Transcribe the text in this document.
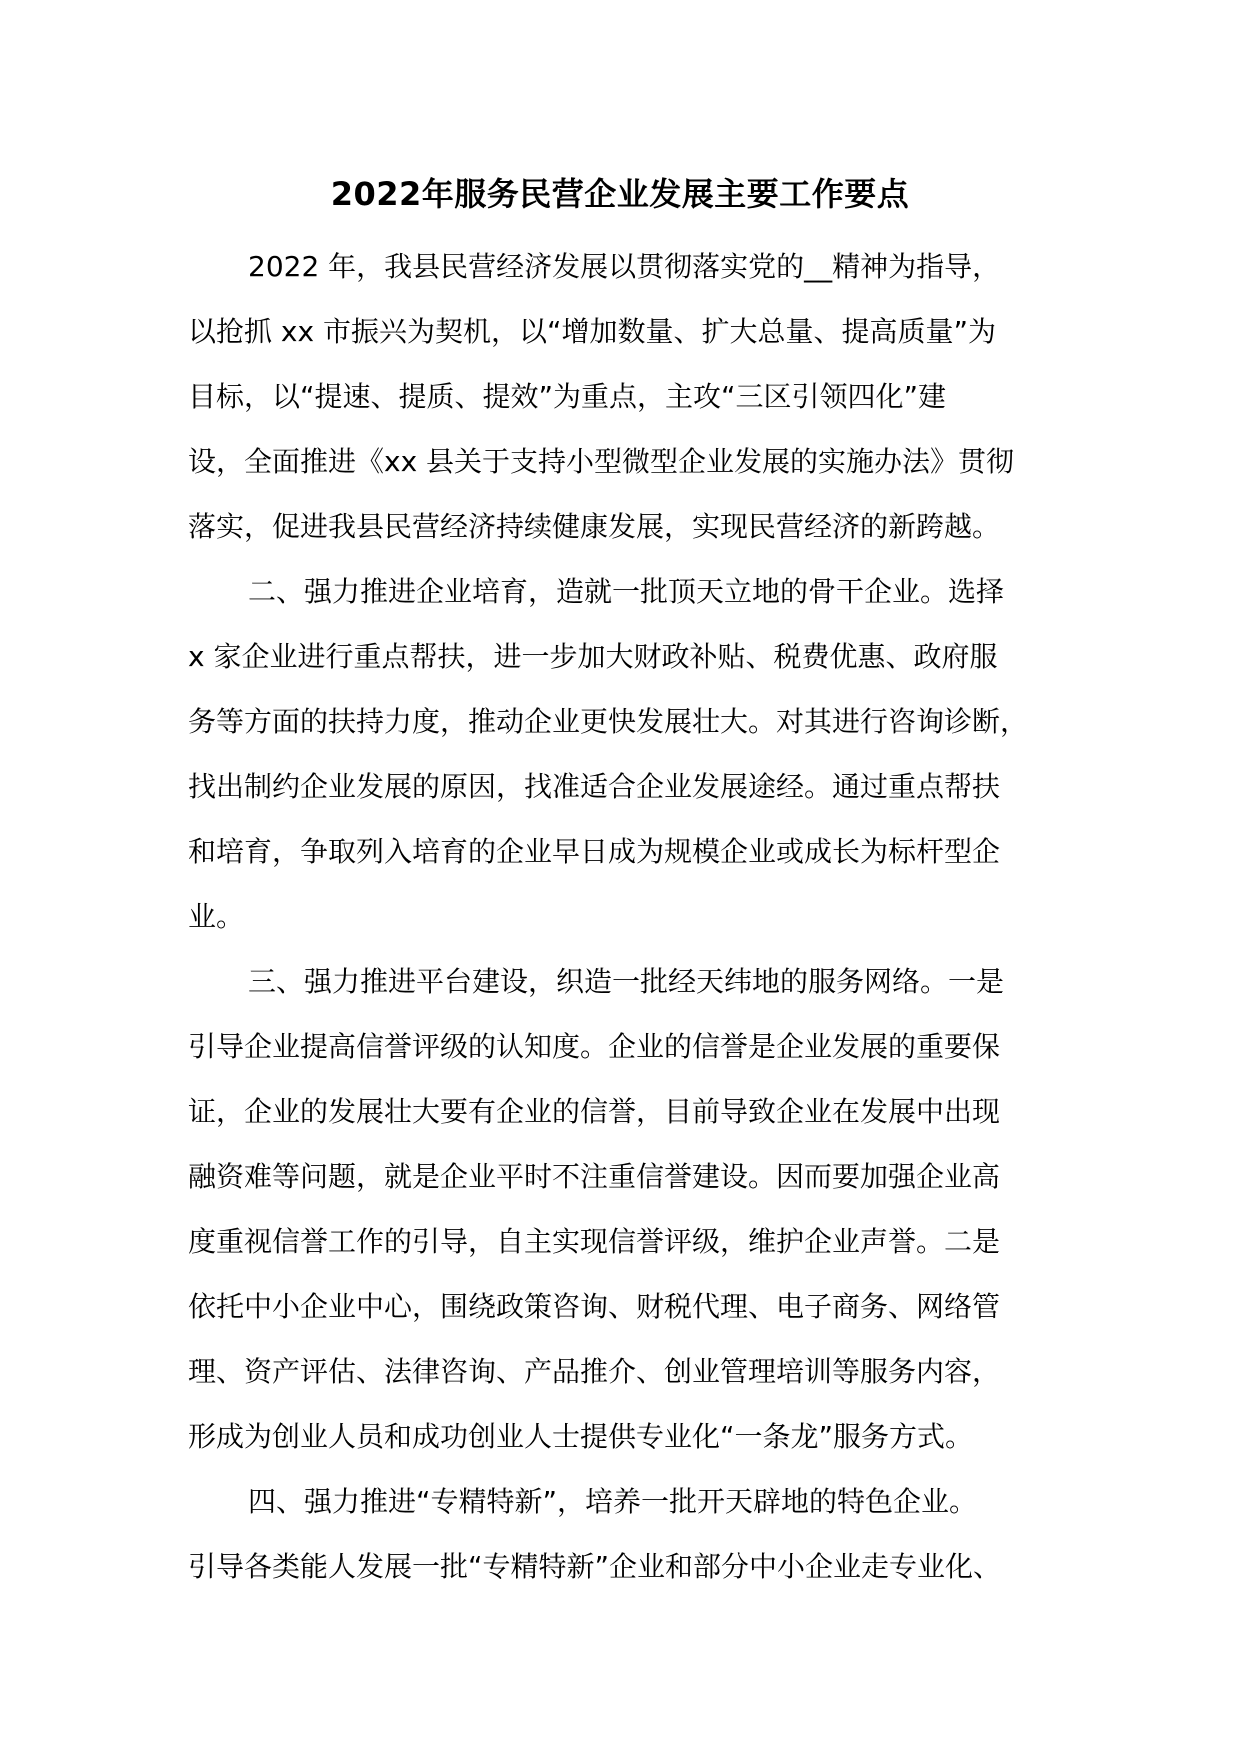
2022年服务民营企业发展主要工作要点

2022 年，我县民营经济发展以贯彻落实党的__精神为指导，
以抢抓 xx 市振兴为契机，以“增加数量、扩大总量、提高质量”为
目标，以“提速、提质、提效”为重点，主攻“三区引领四化”建
设，全面推进《xx 县关于支持小型微型企业发展的实施办法》贯彻
落实，促进我县民营经济持续健康发展，实现民营经济的新跨越。

二、强力推进企业培育，造就一批顶天立地的骨干企业。选择
x 家企业进行重点帮扶，进一步加大财政补贴、税费优惠、政府服
务等方面的扶持力度，推动企业更快发展壮大。对其进行咨询诊断，
找出制约企业发展的原因，找准适合企业发展途经。通过重点帮扶
和培育，争取列入培育的企业早日成为规模企业或成长为标杆型企
业。

三、强力推进平台建设，织造一批经天纬地的服务网络。一是
引导企业提高信誉评级的认知度。企业的信誉是企业发展的重要保
证，企业的发展壮大要有企业的信誉，目前导致企业在发展中出现
融资难等问题，就是企业平时不注重信誉建设。因而要加强企业高
度重视信誉工作的引导，自主实现信誉评级，维护企业声誉。二是
依托中小企业中心，围绕政策咨询、财税代理、电子商务、网络管
理、资产评估、法律咨询、产品推介、创业管理培训等服务内容，
形成为创业人员和成功创业人士提供专业化“一条龙”服务方式。

四、强力推进“专精特新”，培养一批开天辟地的特色企业。
引导各类能人发展一批“专精特新”企业和部分中小企业走专业化、
